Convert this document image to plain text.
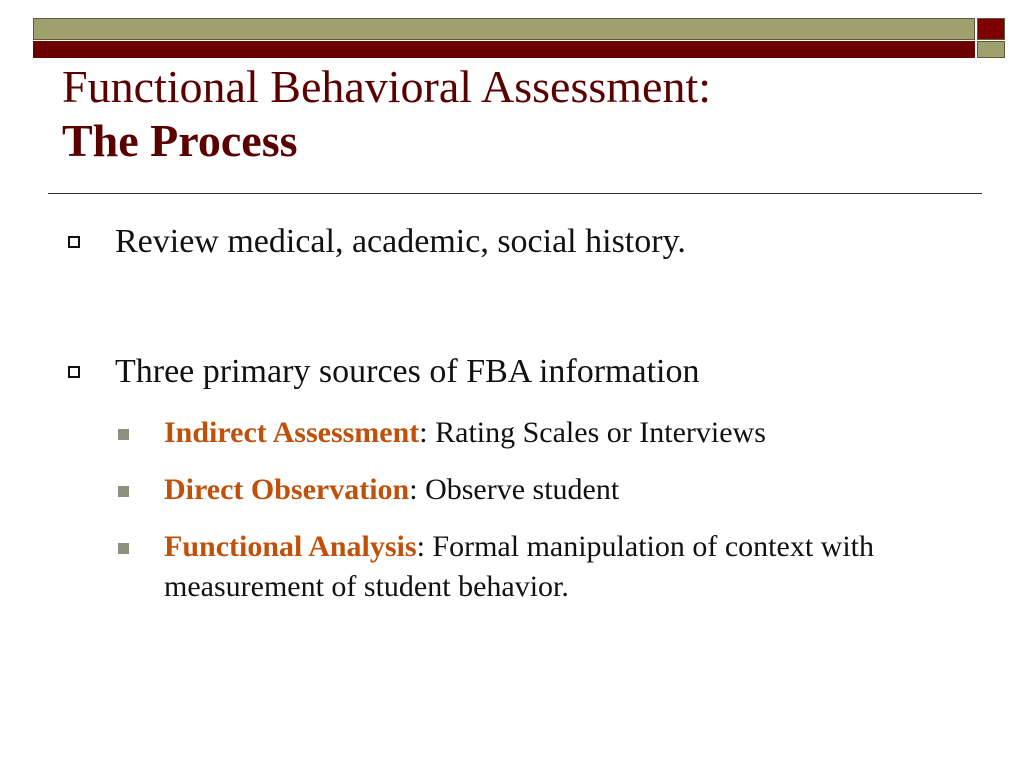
Functional Behavioral Assessment:
The Process
Review medical, academic, social history.
Three primary sources of FBA information
Indirect Assessment: Rating Scales or Interviews
Direct Observation: Observe student
Functional Analysis: Formal manipulation of context with measurement of student behavior.
